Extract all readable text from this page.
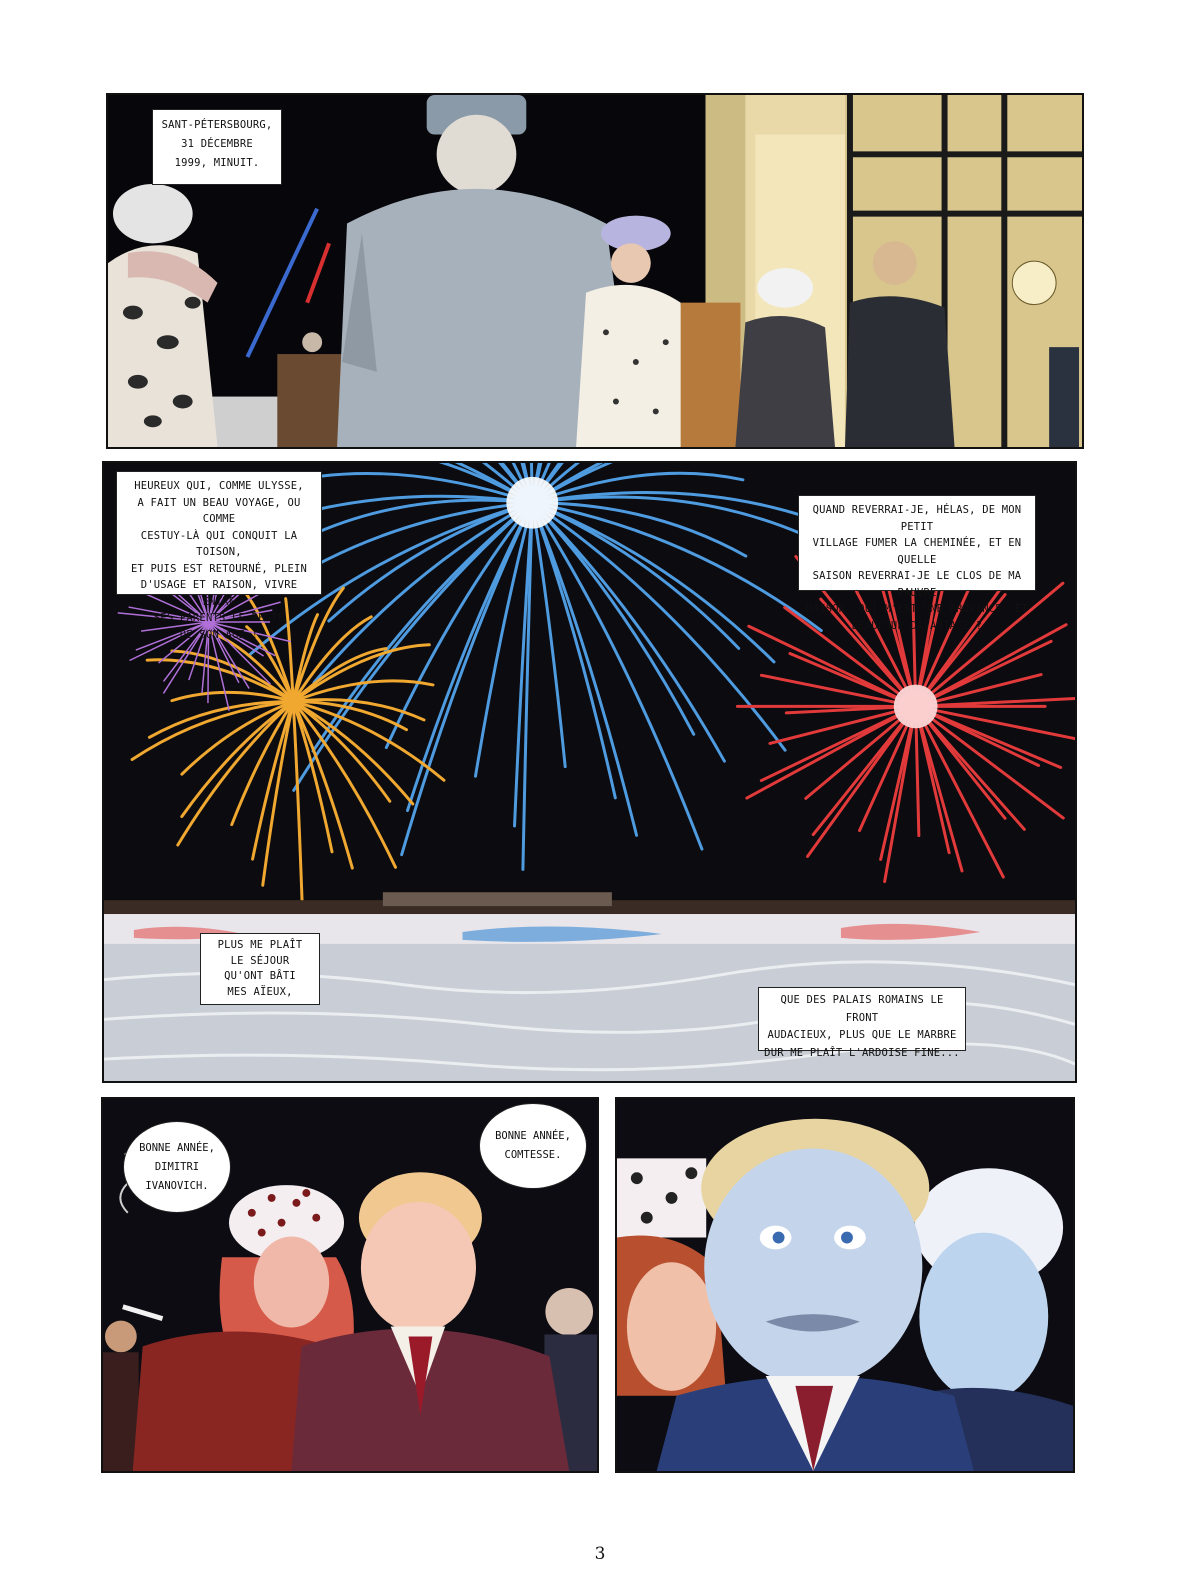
SANT-PÉTERSBOURG,
31 DÉCEMBRE
1999, MINUIT.
HEUREUX QUI, COMME ULYSSE,
A FAIT UN BEAU VOYAGE, OU COMME
CESTUY-LÀ QUI CONQUIT LA TOISON,
ET PUIS EST RETOURNÉ, PLEIN
D'USAGE ET RAISON, VIVRE ENTRE
SES PARENTS LE RESTE
DE SON ÂGE !
QUAND REVERRAI-JE, HÉLAS, DE MON PETIT
VILLAGE FUMER LA CHEMINÉE, ET EN QUELLE
SAISON REVERRAI-JE LE CLOS DE MA PAUVRE
MAISON, QUI M'EST UNE PROVINCE, ET
BEAUCOUP DAVANTAGE ?
PLUS ME PLAÎT
LE SÉJOUR
QU'ONT BÂTI
MES AÏEUX,
QUE DES PALAIS ROMAINS LE FRONT
AUDACIEUX, PLUS QUE LE MARBRE
DUR ME PLAÎT L'ARDOISE FINE...
BONNE ANNÉE,
DIMITRI
IVANOVICH.
BONNE ANNÉE,
COMTESSE.
3
